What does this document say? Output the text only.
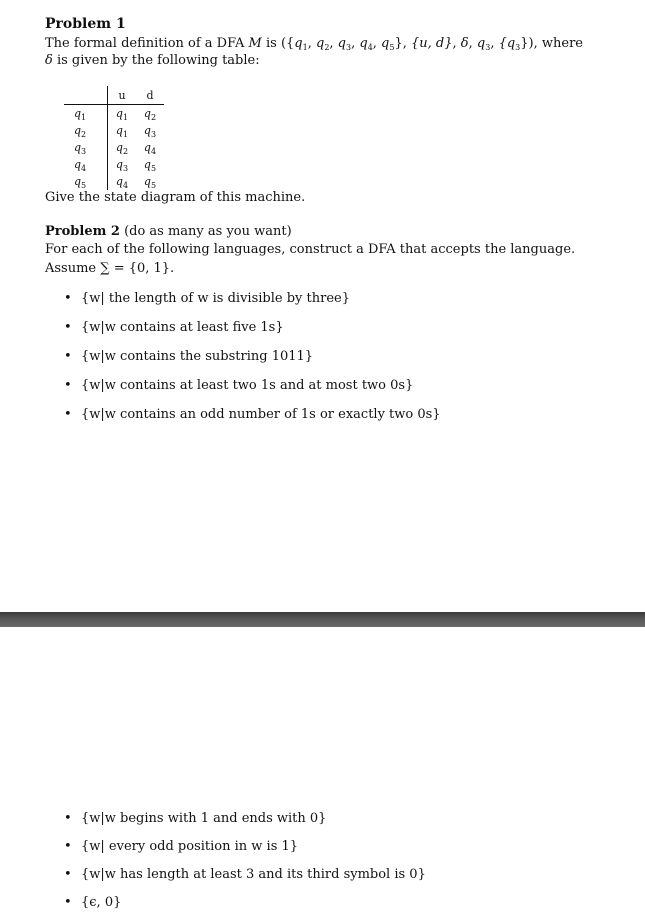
Problem 1
The formal definition of a DFA M is ({$q_1$, $q_2$, $q_3$, $q_4$, $q_5$}, {u, d}, δ, $q_3$, $\{q_3\}$), where
δ is given by the following table:
	u	d
$q_1$	$q_1$	$q_2$
$q_2$	$q_1$	$q_3$
$q_3$	$q_2$	$q_4$
$q_4$	$q_3$	$q_5$
$q_5$	$q_4$	$q_5$
Give the state diagram of this machine.
Problem 2 (do as many as you want)
For each of the following languages, construct a DFA that accepts the language.
Assume ∑ = {0, 1}.
• {w| the length of w is divisible by three}
• {w|w contains at least five 1s}
• {w|w contains the substring 1011}
• {w|w contains at least two 1s and at most two 0s}
• {w|w contains an odd number of 1s or exactly two 0s}
• {w|w begins with 1 and ends with 0}
• {w| every odd position in w is 1}
• {w|w has length at least 3 and its third symbol is 0}
• {ϵ, 0}
